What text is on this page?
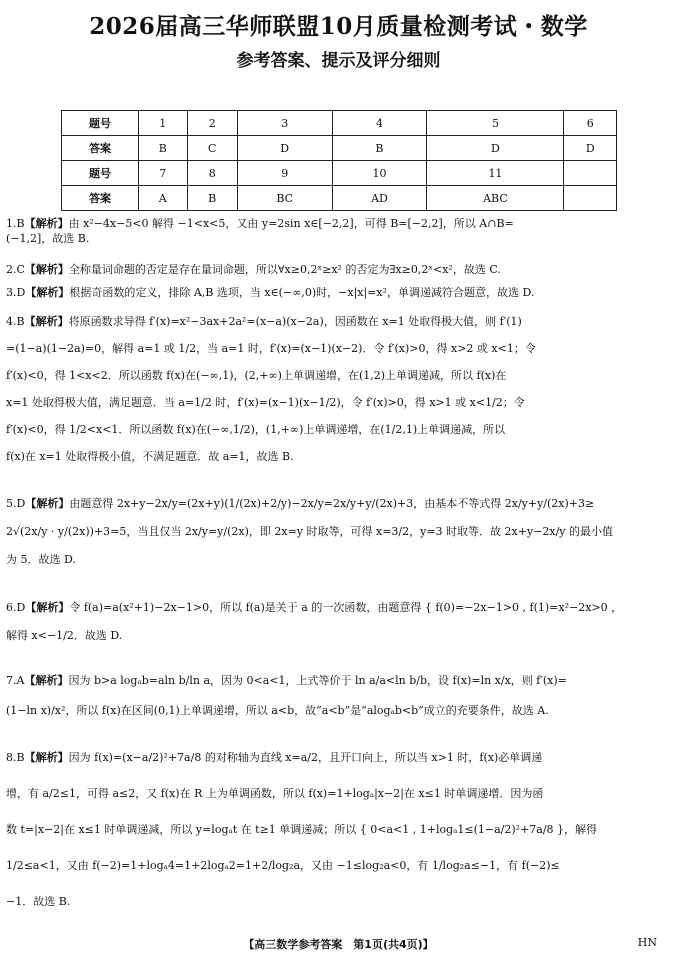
2026届高三华师联盟10月质量检测考试・数学
参考答案、提示及评分细则
题号	1	2	3	4	5	6
答案	B	C	D	B	D	D
题号	7	8	9	10	11	
答案	A	B	BC	AD	ABC	
1.B【解析】由 x²−4x−5<0 解得 −1<x<5，又由 y=2sin x∈[−2,2]，可得 B=[−2,2]，所以 A∩B=
(−1,2]，故选 B.
2.C【解析】全称量词命题的否定是存在量词命题，所以∀x≥0,2ˣ≥x² 的否定为∃x≥0,2ˣ<x²，故选 C.
3.D【解析】根据奇函数的定义，排除 A,B 选项，当 x∈(−∞,0)时，−x|x|=x²，单调递减符合题意，故选 D.
4.B【解析】将原函数求导得 f′(x)=x²−3ax+2a²=(x−a)(x−2a)，因函数在 x=1 处取得极大值，则 f′(1)
=(1−a)(1−2a)=0，解得 a=1 或 1/2，当 a=1 时，f′(x)=(x−1)(x−2)．令 f′(x)>0，得 x>2 或 x<1；令
f′(x)<0，得 1<x<2．所以函数 f(x)在(−∞,1)，(2,+∞)上单调递增，在(1,2)上单调递减，所以 f(x)在
x=1 处取得极大值，满足题意．当 a=1/2 时，f′(x)=(x−1)(x−1/2)，令 f′(x)>0，得 x>1 或 x<1/2；令
f′(x)<0，得 1/2<x<1．所以函数 f(x)在(−∞,1/2)，(1,+∞)上单调递增，在(1/2,1)上单调递减，所以
f(x)在 x=1 处取得极小值，不满足题意．故 a=1，故选 B.
5.D【解析】由题意得 2x+y−2x/y=(2x+y)(1/(2x)+2/y)−2x/y=2x/y+y/(2x)+3，由基本不等式得 2x/y+y/(2x)+3≥
2√(2x/y · y/(2x))+3=5，当且仅当 2x/y=y/(2x)，即 2x=y 时取等，可得 x=3/2，y=3 时取等．故 2x+y−2x/y 的最小值
为 5．故选 D.
6.D【解析】令 f(a)=a(x²+1)−2x−1>0，所以 f(a)是关于 a 的一次函数，由题意得 { f(0)=−2x−1>0 , f(1)=x²−2x>0 ，
解得 x<−1/2．故选 D.
7.A【解析】因为 b>a logₐb=aln b/ln a，因为 0<a<1，上式等价于 ln a/a<ln b/b，设 f(x)=ln x/x，则 f′(x)=
(1−ln x)/x²，所以 f(x)在区间(0,1)上单调递增，所以 a<b，故“a<b”是“alogₐb<b”成立的充要条件，故选 A.
8.B【解析】因为 f(x)=(x−a/2)²+7a/8 的对称轴为直线 x=a/2，且开口向上，所以当 x>1 时，f(x)必单调递
增，有 a/2≤1，可得 a≤2，又 f(x)在 R 上为单调函数，所以 f(x)=1+logₐ|x−2|在 x≤1 时单调递增．因为函
数 t=|x−2|在 x≤1 时单调递减，所以 y=logₐt 在 t≥1 单调递减；所以 { 0<a<1 , 1+logₐ1≤(1−a/2)²+7a/8 }，解得
1/2≤a<1，又由 f(−2)=1+logₐ4=1+2logₐ2=1+2/log₂a，又由 −1≤log₂a<0，有 1/log₂a≤−1，有 f(−2)≤
−1．故选 B.
【高三数学参考答案　第1页(共4页)】	HN
